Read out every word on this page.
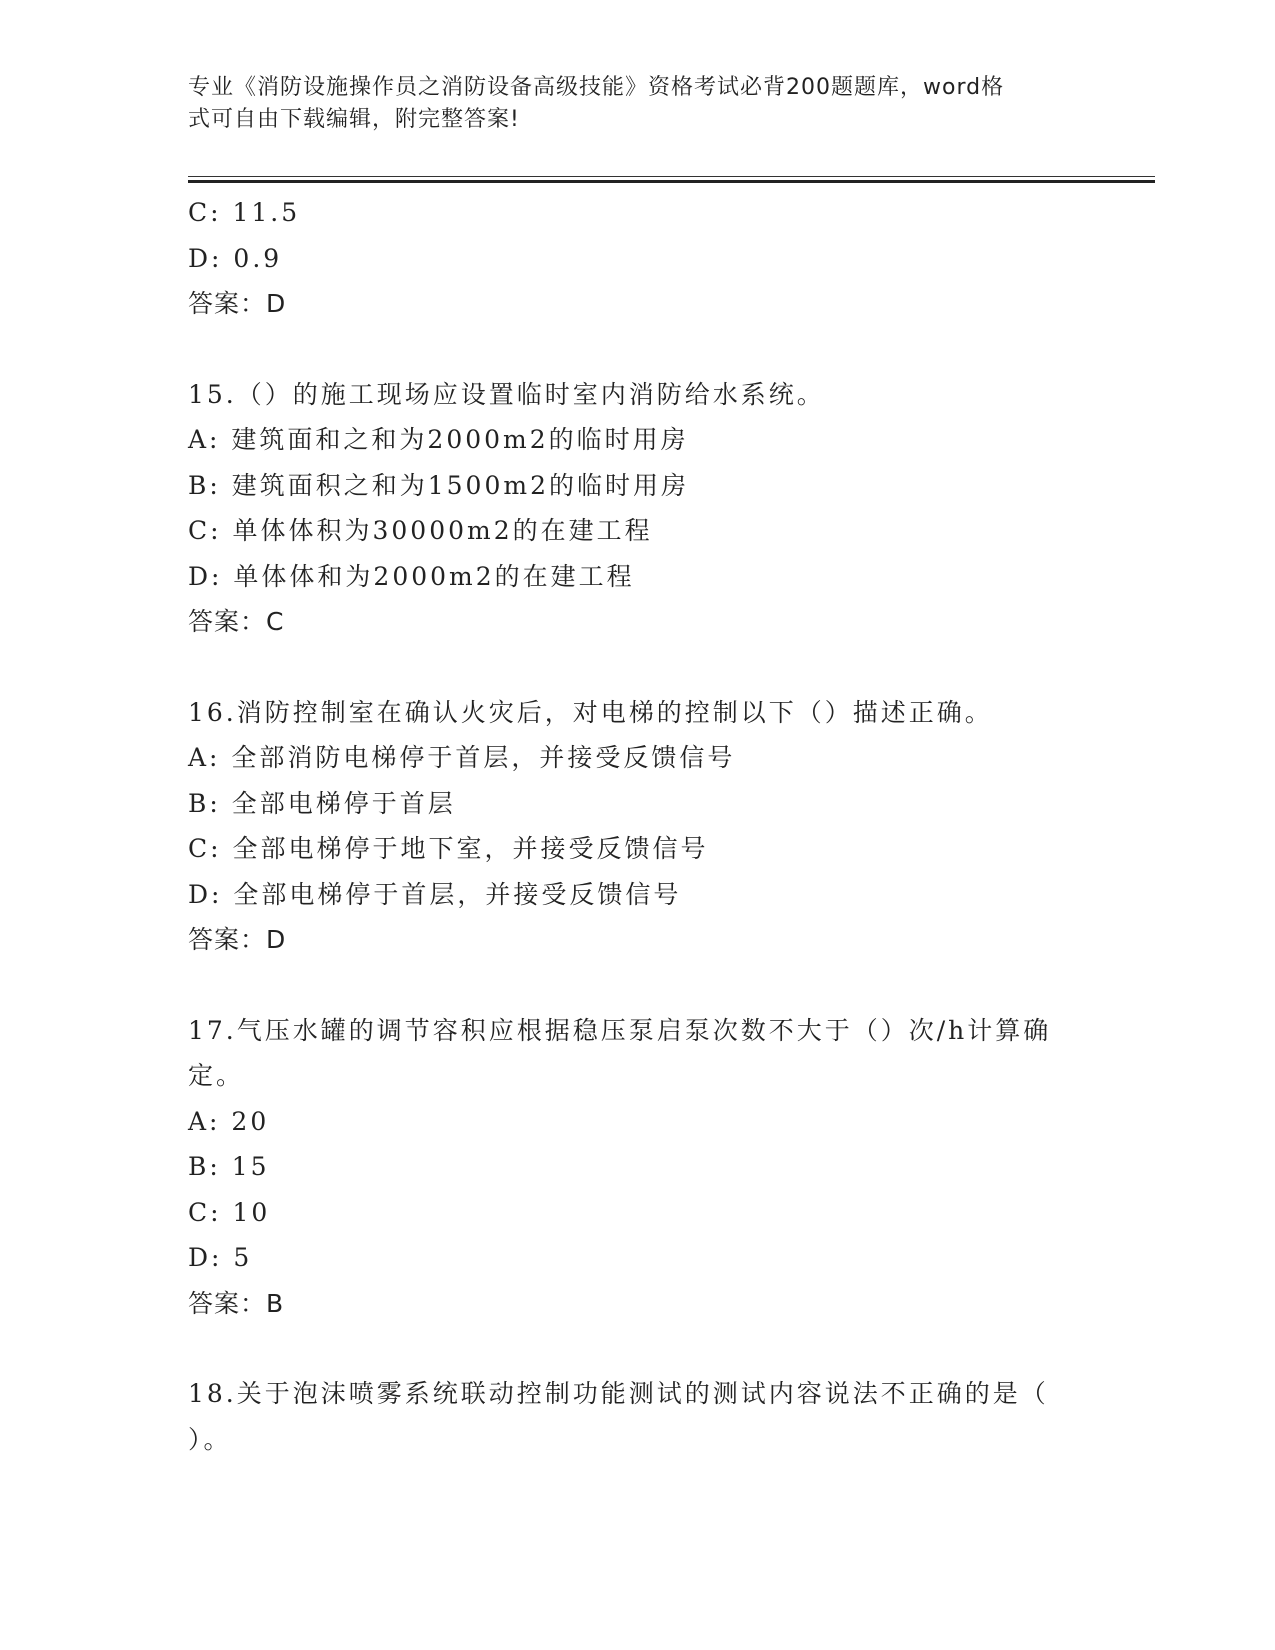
专业《消防设施操作员之消防设备高级技能》资格考试必背200题题库，word格
式可自由下载编辑，附完整答案!
C: 11.5
D: 0.9
答案：D
15.（）的施工现场应设置临时室内消防给水系统。
A: 建筑面和之和为2000m2的临时用房
B: 建筑面积之和为1500m2的临时用房
C: 单体体积为30000m2的在建工程
D: 单体体和为2000m2的在建工程
答案：C
16.消防控制室在确认火灾后，对电梯的控制以下（）描述正确。
A: 全部消防电梯停于首层，并接受反馈信号
B: 全部电梯停于首层
C: 全部电梯停于地下室，并接受反馈信号
D: 全部电梯停于首层，并接受反馈信号
答案：D
17.气压水罐的调节容积应根据稳压泵启泵次数不大于（）次/h计算确
定。
A: 20
B: 15
C: 10
D: 5
答案：B
18.关于泡沫喷雾系统联动控制功能测试的测试内容说法不正确的是（
）。
